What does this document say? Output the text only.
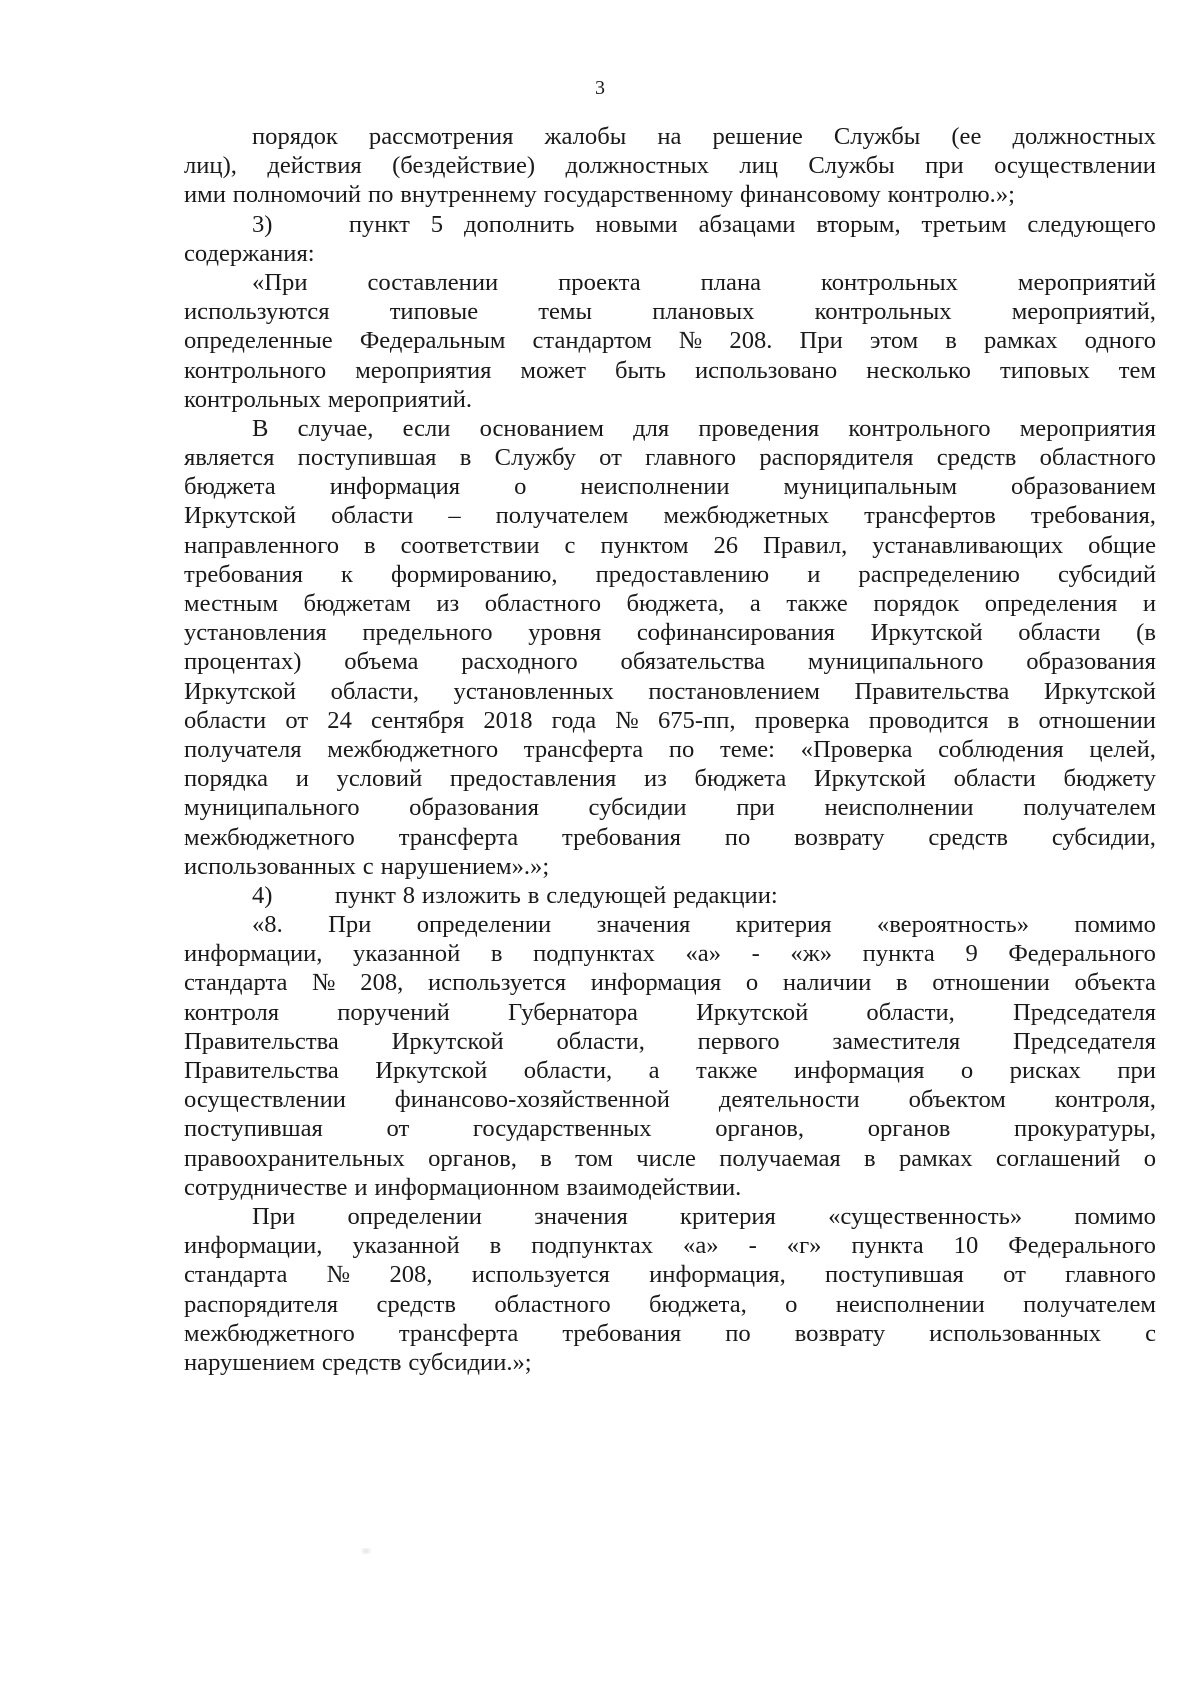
3
порядок рассмотрения жалобы на решение Службы (ее должностных
лиц), действия (бездействие) должностных лиц Службы при осуществлении
ими полномочий по внутреннему государственному финансовому контролю.»;
3)	пункт 5 дополнить новыми абзацами вторым, третьим следующего
содержания:
«При составлении проекта плана контрольных мероприятий
используются типовые темы плановых контрольных мероприятий,
определенные Федеральным стандартом № 208. При этом в рамках одного
контрольного мероприятия может быть использовано несколько типовых тем
контрольных мероприятий.
В случае, если основанием для проведения контрольного мероприятия
является поступившая в Службу от главного распорядителя средств областного
бюджета информация о неисполнении муниципальным образованием
Иркутской области – получателем межбюджетных трансфертов требования,
направленного в соответствии с пунктом 26 Правил, устанавливающих общие
требования к формированию, предоставлению и распределению субсидий
местным бюджетам из областного бюджета, а также порядок определения и
установления предельного уровня софинансирования Иркутской области (в
процентах) объема расходного обязательства муниципального образования
Иркутской области, установленных постановлением Правительства Иркутской
области от 24 сентября 2018 года № 675-пп, проверка проводится в отношении
получателя межбюджетного трансферта по теме: «Проверка соблюдения целей,
порядка и условий предоставления из бюджета Иркутской области бюджету
муниципального образования субсидии при неисполнении получателем
межбюджетного трансферта требования по возврату средств субсидии,
использованных с нарушением».»;
4)	пункт 8 изложить в следующей редакции:
«8. При определении значения критерия «вероятность» помимо
информации, указанной в подпунктах «а» - «ж» пункта 9 Федерального
стандарта № 208, используется информация о наличии в отношении объекта
контроля поручений Губернатора Иркутской области, Председателя
Правительства Иркутской области, первого заместителя Председателя
Правительства Иркутской области, а также информация о рисках при
осуществлении финансово-хозяйственной деятельности объектом контроля,
поступившая	от	государственных	органов,	органов	прокуратуры,
правоохранительных органов, в том числе получаемая в рамках соглашений о
сотрудничестве и информационном взаимодействии.
При определении значения критерия «существенность» помимо
информации, указанной в подпунктах «а» - «г» пункта 10 Федерального
стандарта № 208, используется информация, поступившая от главного
распорядителя средств областного бюджета, о неисполнении получателем
межбюджетного трансферта требования по возврату использованных с
нарушением средств субсидии.»;
